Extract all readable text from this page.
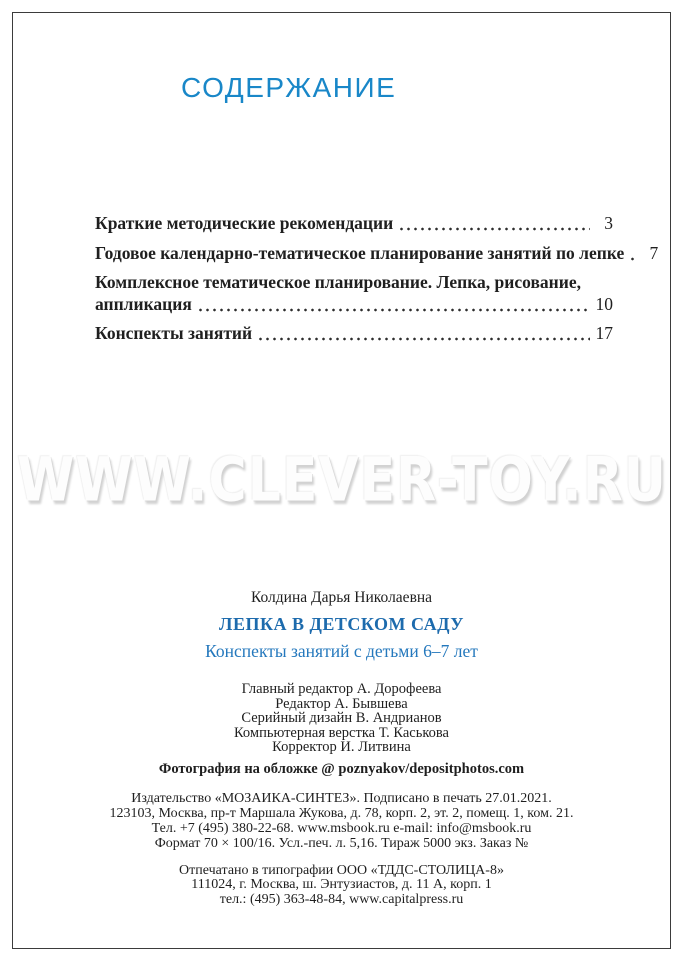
СОДЕРЖАНИЕ
Краткие методические рекомендации	3
Годовое календарно-тематическое планирование занятий по лепке	7
Комплексное тематическое планирование. Лепка, рисование,
аппликация	10
Конспекты занятий	17
WWW.CLEVER-TOY.RU
Колдина Дарья Николаевна
ЛЕПКА В ДЕТСКОМ САДУ
Конспекты занятий с детьми 6–7 лет
Главный редактор А. Дорофеева
Редактор А. Бывшева
Серийный дизайн В. Андрианов
Компьютерная верстка Т. Каськова
Корректор И. Литвина
Фотография на обложке @ poznyakov/depositphotos.com
Издательство «МОЗАИКА-СИНТЕЗ». Подписано в печать 27.01.2021.
123103, Москва, пр-т Маршала Жукова, д. 78, корп. 2, эт. 2, помещ. 1, ком. 21.
Тел. +7 (495) 380-22-68. www.msbook.ru e-mail: info@msbook.ru
Формат 70 × 100/16. Усл.-печ. л. 5,16. Тираж 5000 экз. Заказ №
Отпечатано в типографии ООО «ТДДС-СТОЛИЦА-8»
111024, г. Москва, ш. Энтузиастов, д. 11 А, корп. 1
тел.: (495) 363-48-84, www.capitalpress.ru
